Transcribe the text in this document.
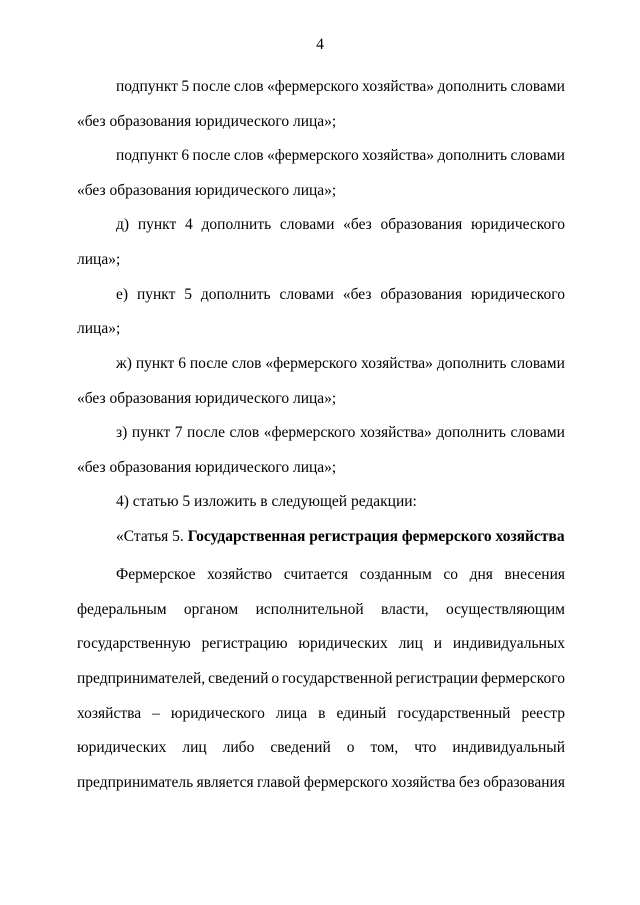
4
подпункт 5 после слов «фермерского хозяйства» дополнить словами
«без образования юридического лица»;
подпункт 6 после слов «фермерского хозяйства» дополнить словами
«без образования юридического лица»;
д) пункт 4 дополнить словами «без образования юридического
лица»;
е) пункт 5 дополнить словами «без образования юридического
лица»;
ж) пункт 6 после слов «фермерского хозяйства» дополнить словами
«без образования юридического лица»;
з) пункт 7 после слов «фермерского хозяйства» дополнить словами
«без образования юридического лица»;
4) статью 5 изложить в следующей редакции:
«Статья 5. Государственная регистрация фермерского хозяйства
Фермерское хозяйство считается созданным со дня внесения
федеральным органом исполнительной власти, осуществляющим
государственную регистрацию юридических лиц и индивидуальных
предпринимателей, сведений о государственной регистрации фермерского
хозяйства – юридического лица в единый государственный реестр
юридических лиц либо сведений о том, что индивидуальный
предприниматель является главой фермерского хозяйства без образования
